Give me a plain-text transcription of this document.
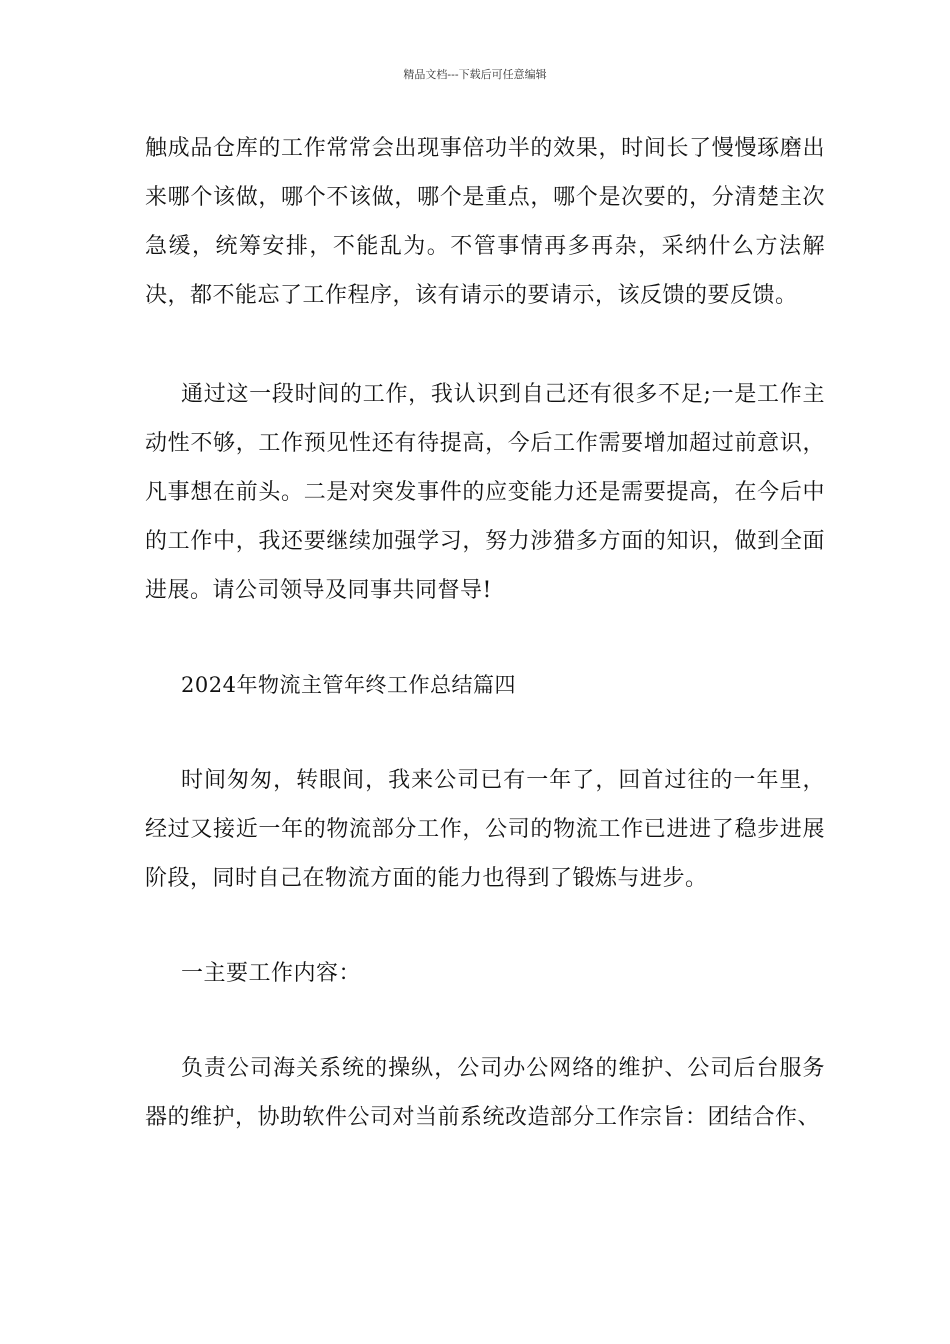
精品文档---下载后可任意编辑

触成品仓库的工作常常会出现事倍功半的效果，时间长了慢慢琢磨出来哪个该做，哪个不该做，哪个是重点，哪个是次要的，分清楚主次急缓，统筹安排，不能乱为。不管事情再多再杂，采纳什么方法解决，都不能忘了工作程序，该有请示的要请示，该反馈的要反馈。

通过这一段时间的工作，我认识到自己还有很多不足;一是工作主动性不够，工作预见性还有待提高，今后工作需要增加超过前意识，凡事想在前头。二是对突发事件的应变能力还是需要提高，在今后中的工作中，我还要继续加强学习，努力涉猎多方面的知识，做到全面进展。请公司领导及同事共同督导!

2024年物流主管年终工作总结篇四

时间匆匆，转眼间，我来公司已有一年了，回首过往的一年里，经过又接近一年的物流部分工作，公司的物流工作已进进了稳步进展阶段，同时自己在物流方面的能力也得到了锻炼与进步。

一主要工作内容：

负责公司海关系统的操纵，公司办公网络的维护、公司后台服务器的维护，协助软件公司对当前系统改造部分工作宗旨：团结合作、
